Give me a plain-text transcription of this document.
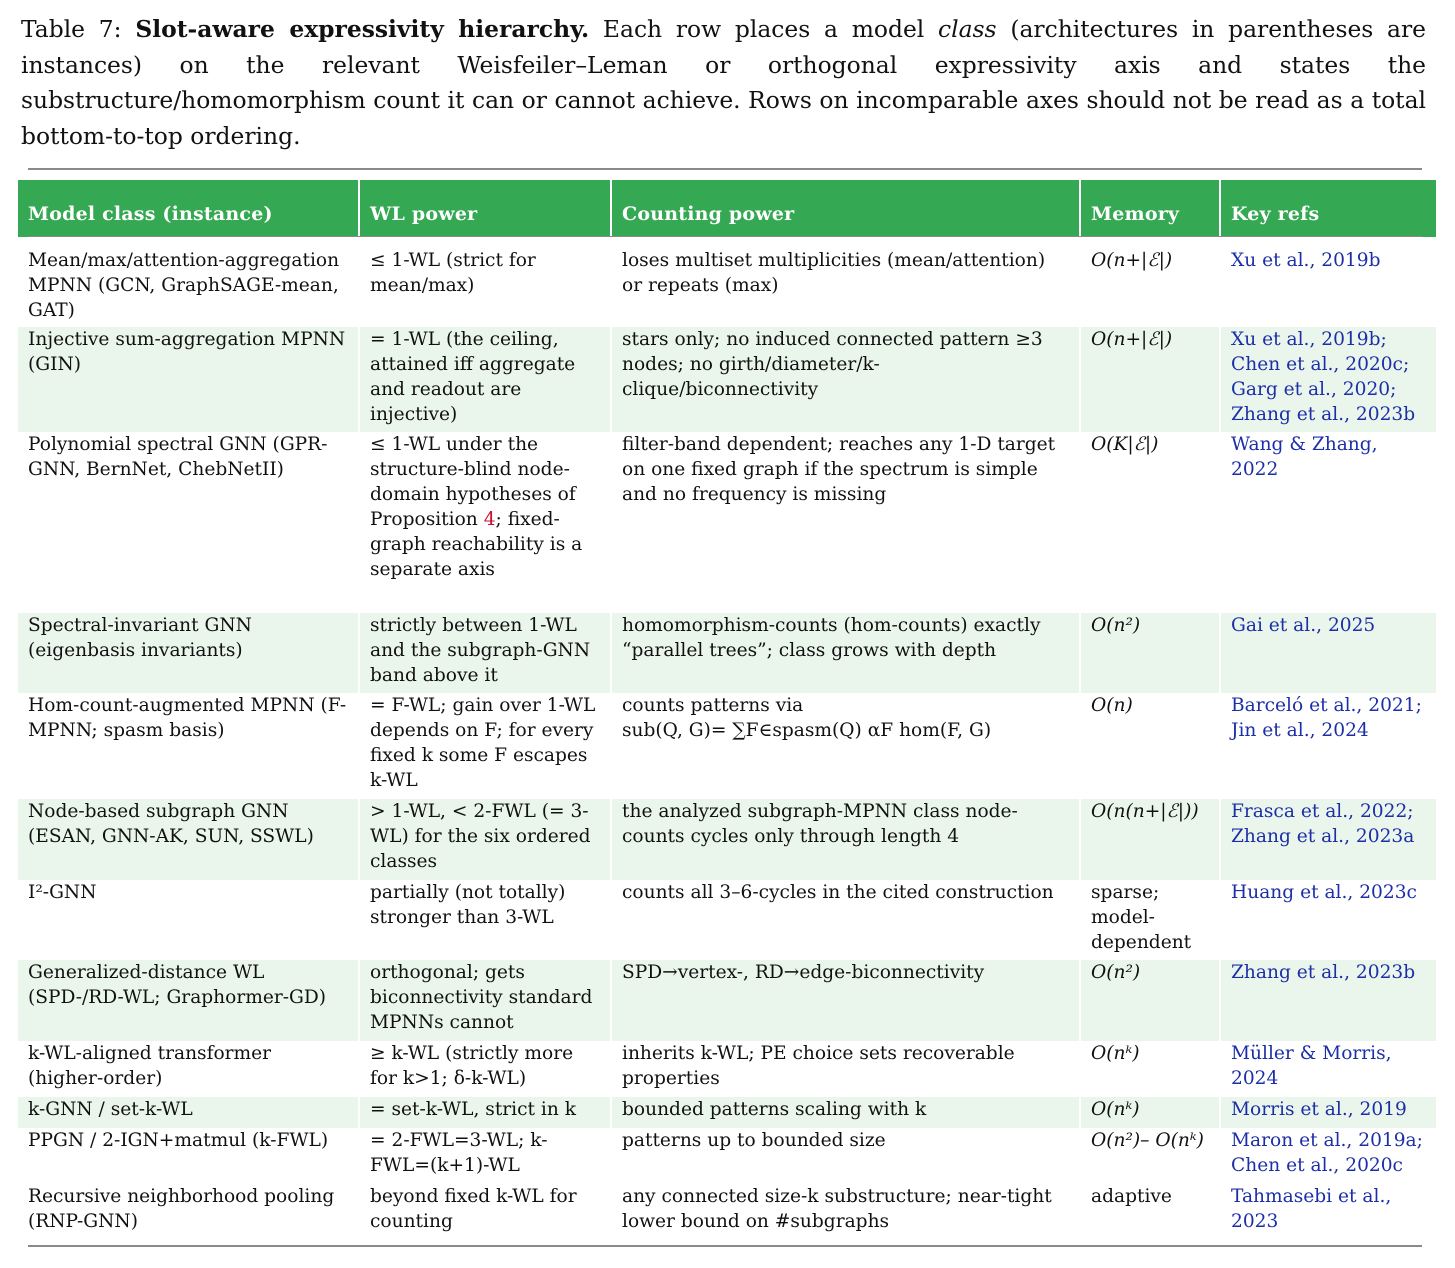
Table 7: Slot-aware expressivity hierarchy. Each row places a model class (architectures in parentheses are instances) on the relevant Weisfeiler–Leman or orthogonal expressivity axis and states the substructure/homomorphism count it can or cannot achieve. Rows on incomparable axes should not be read as a total bottom-to-top ordering.
Model class (instance)	WL power	Counting power	Memory	Key refs

Mean/max/attention-aggregation MPNN (GCN, GraphSAGE-mean, GAT)	≤ 1-WL (strict for mean/max)	loses multiset multiplicities (mean/attention) or repeats (max)	O(n+|ℰ|)	Xu et al., 2019b
Injective sum-aggregation MPNN (GIN)	= 1-WL (the ceiling, attained iff aggregate and readout are injective)	stars only; no induced connected pattern ≥3 nodes; no girth/diameter/k-clique/biconnectivity	O(n+|ℰ|)	Xu et al., 2019b;
Chen et al., 2020c;
Garg et al., 2020;
Zhang et al., 2023b
Polynomial spectral GNN (GPR-GNN, BernNet, ChebNetII)	≤ 1-WL under the structure-blind node-domain hypotheses of Proposition 4; fixed-graph reachability is a separate axis	filter-band dependent; reaches any 1-D target on one fixed graph if the spectrum is simple and no frequency is missing	O(K|ℰ|)	Wang & Zhang, 2022
Spectral-invariant GNN (eigenbasis invariants)	strictly between 1-WL and the subgraph-GNN band above it	homomorphism-counts (hom-counts) exactly “parallel trees”; class grows with depth	O(n²)	Gai et al., 2025
Hom-count-augmented MPNN (F-MPNN; spasm basis)	= F-WL; gain over 1-WL depends on F; for every fixed k some F escapes k-WL	counts patterns via
sub(Q, G)= ∑F∈spasm(Q) αF hom(F, G)	O(n)	Barceló et al., 2021;
Jin et al., 2024
Node-based subgraph GNN (ESAN, GNN-AK, SUN, SSWL)	> 1-WL, < 2-FWL (= 3-WL) for the six ordered classes	the analyzed subgraph-MPNN class node-counts cycles only through length 4	O(n(n+|ℰ|))	Frasca et al., 2022;
Zhang et al., 2023a
I²-GNN	partially (not totally) stronger than 3-WL	counts all 3–6-cycles in the cited construction	sparse; model-dependent	Huang et al., 2023c
Generalized-distance WL (SPD-/RD-WL; Graphormer-GD)	orthogonal; gets biconnectivity standard MPNNs cannot	SPD→vertex-, RD→edge-biconnectivity	O(n²)	Zhang et al., 2023b
k-WL-aligned transformer (higher-order)	≥ k-WL (strictly more for k>1; δ-k-WL)	inherits k-WL; PE choice sets recoverable properties	O(nᵏ)	Müller & Morris, 2024
k-GNN / set-k-WL	= set-k-WL, strict in k	bounded patterns scaling with k	O(nᵏ)	Morris et al., 2019
PPGN / 2-IGN+matmul (k-FWL)	= 2-FWL=3-WL; k-FWL=(k+1)-WL	patterns up to bounded size	O(n²)– O(nᵏ)	Maron et al., 2019a;
Chen et al., 2020c
Recursive neighborhood pooling (RNP-GNN)	beyond fixed k-WL for counting	any connected size-k substructure; near-tight lower bound on #subgraphs	adaptive	Tahmasebi et al., 2023
